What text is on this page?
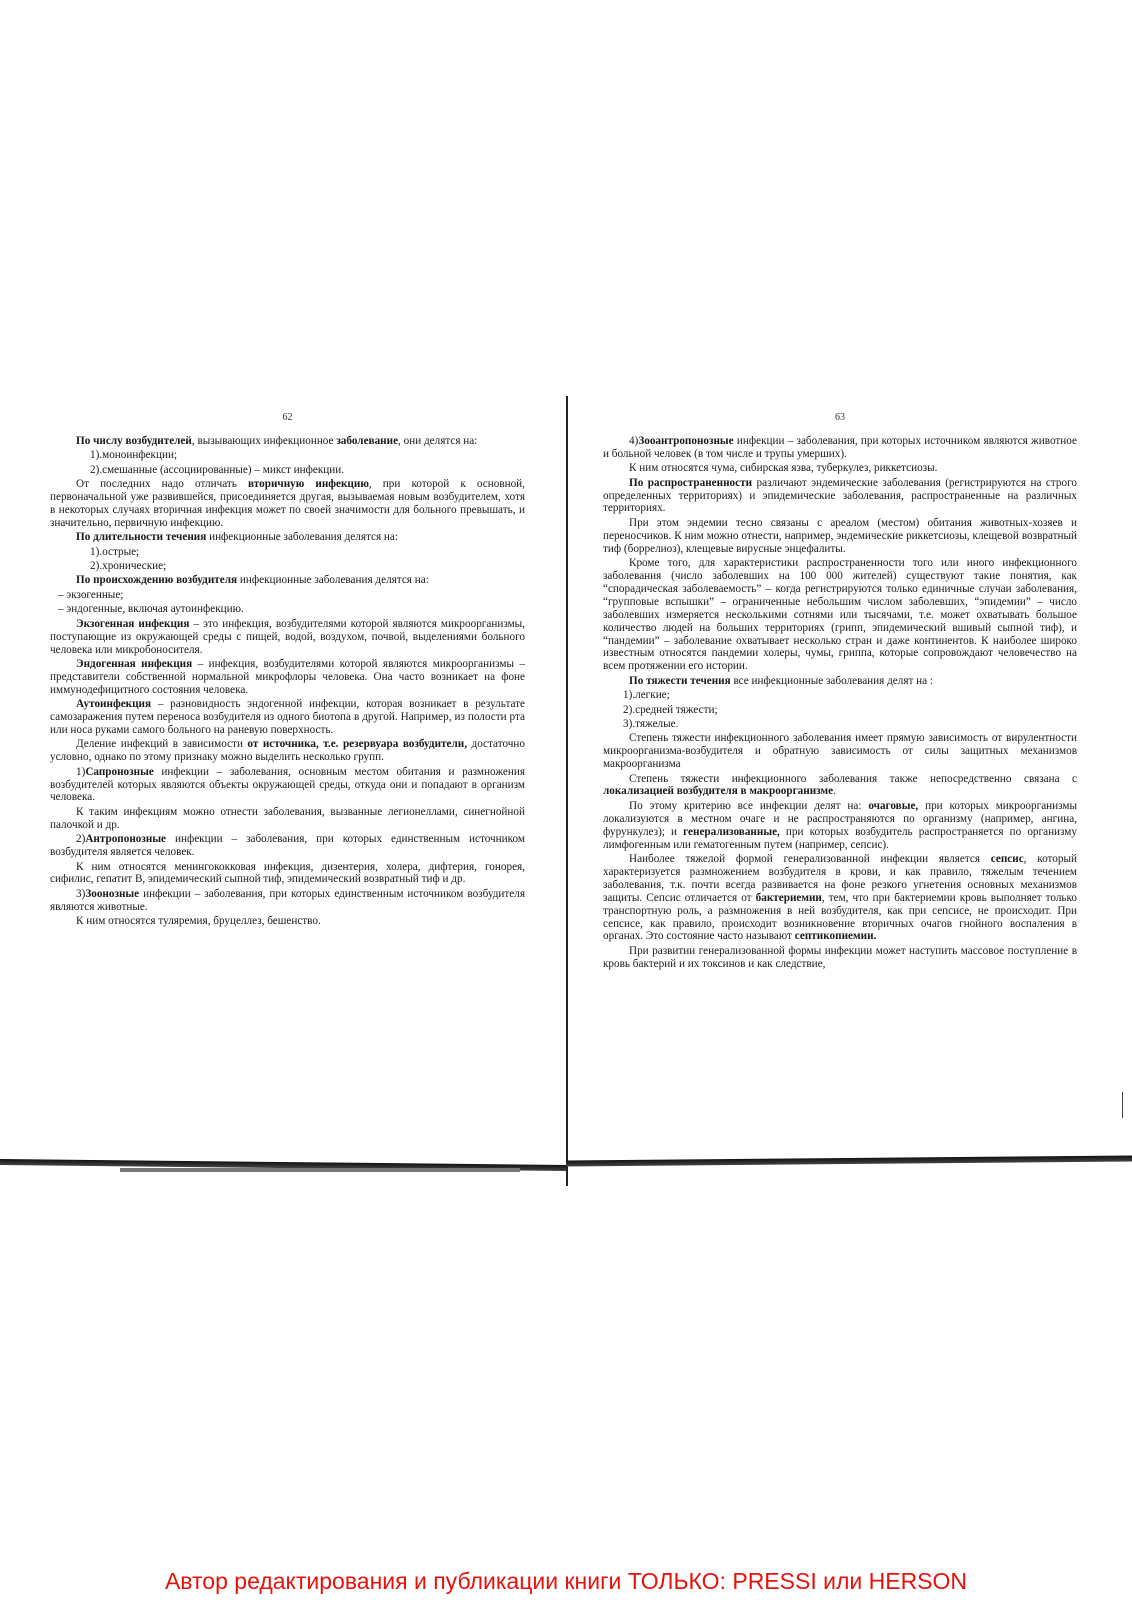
62
По числу возбудителей, вызывающих инфекционное заболевание, они делятся на:
1).моноинфекции;
2).смешанные (ассоциированные) – микст инфекции.
От последних надо отличать вторичную инфекцию, при которой к основной, первоначальной уже развившейся, присоединяется другая, вызываемая новым возбудителем, хотя в некоторых случаях вторичная инфекция может по своей значимости для больного превышать, и значительно, первичную инфекцию.
По длительности течения инфекционные заболевания делятся на:
1).острые;
2).хронические;
По происхождению возбудителя инфекционные заболевания делятся на:
– экзогенные;
– эндогенные, включая аутоинфекцию.
Экзогенная инфекция – это инфекция, возбудителями которой являются микроорганизмы, поступающие из окружающей среды с пищей, водой, воздухом, почвой, выделениями больного человека или микробоносителя.
Эндогенная инфекция – инфекция, возбудителями которой являются микроорганизмы – представители собственной нормальной микрофлоры человека. Она часто возникает на фоне иммунодефицитного состояния человека.
Аутоинфекция – разновидность эндогенной инфекции, которая возникает в результате самозаражения путем переноса возбудителя из одного биотопа в другой. Например, из полости рта или носа руками самого больного на раневую поверхность.
Деление инфекций в зависимости от источника, т.е. резервуара возбудители, достаточно условно, однако по этому признаку можно выделить несколько групп.
1)Сапронозные инфекции – заболевания, основным местом обитания и размножения возбудителей которых являются объекты окружающей среды, откуда они и попадают в организм человека.
К таким инфекциям можно отнести заболевания, вызванные легионеллами, синегнойной палочкой и др.
2)Антропонозные инфекции – заболевания, при которых единственным источником возбудителя является человек.
К ним относятся менингококковая инфекция, дизентерия, холера, дифтерия, гонорея, сифилис, гепатит В, эпидемический сыпной тиф, эпидемический возвратный тиф и др.
3)Зоонозные инфекции – заболевания, при которых единственным источником возбудителя являются животные.
К ним относятся туляремия, бруцеллез, бешенство.
63
4)Зооантропонозные инфекции – заболевания, при которых источником являются животное и больной человек (в том числе и трупы умерших).
К ним относятся чума, сибирская язва, туберкулез, риккетсиозы.
По распространенности различают эндемические заболевания (регистрируются на строго определенных территориях) и эпидемические заболевания, распространенные на различных территориях.
При этом эндемии тесно связаны с ареалом (местом) обитания животных-хозяев и переносчиков. К ним можно отнести, например, эндемические риккетсиозы, клещевой возвратный тиф (боррелиоз), клещевые вирусные энцефалиты.
Кроме того, для характеристики распространенности того или иного инфекционного заболевания (число заболевших на 100 000 жителей) существуют такие понятия, как “спорадическая заболеваемость” – когда регистрируются только единичные случаи заболевания, “групповые вспышки” – ограниченные небольшим числом заболевших, “эпидемии” – число заболевших измеряется несколькими сотнями или тысячами, т.е. может охватывать большое количество людей на больших территориях (грипп, эпидемический вшивый сыпной тиф), и “пандемии” – заболевание охватывает несколько стран и даже континентов. К наиболее широко известным относятся пандемии холеры, чумы, гриппа, которые сопровождают человечество на всем протяжении его истории.
По тяжести течения все инфекционные заболевания делят на :
1).легкие;
2).средней тяжести;
3).тяжелые.
Степень тяжести инфекционного заболевания имеет прямую зависимость от вирулентности микроорганизма-возбудителя и обратную зависимость от силы защитных механизмов макроорганизма
Степень тяжести инфекционного заболевания также непосредственно связана с локализацией возбудителя в макроорганизме.
По этому критерию все инфекции делят на: очаговые, при которых микроорганизмы локализуются в местном очаге и не распространяются по организму (например, ангина, фурункулез); и генерализованные, при которых возбудитель распространяется по организму лимфогенным или гематогенным путем (например, сепсис).
Наиболее тяжелой формой генерализованной инфекции является сепсис, который характеризуется размножением возбудителя в крови, и как правило, тяжелым течением заболевания, т.к. почти всегда развивается на фоне резкого угнетения основных механизмов защиты. Сепсис отличается от бактериемии, тем, что при бактериемии кровь выполняет только транспортную роль, а размножения в ней возбудителя, как при сепсисе, не происходит. При сепсисе, как правило, происходит возникновение вторичных очагов гнойного воспаления в органах. Это состояние часто называют септикопиемии.
При развитии генерализованной формы инфекции может наступить массовое поступление в кровь бактерий и их токсинов и как следствие,
Автор редактирования и публикации книги ТОЛЬКО: PRESSI или HERSON
